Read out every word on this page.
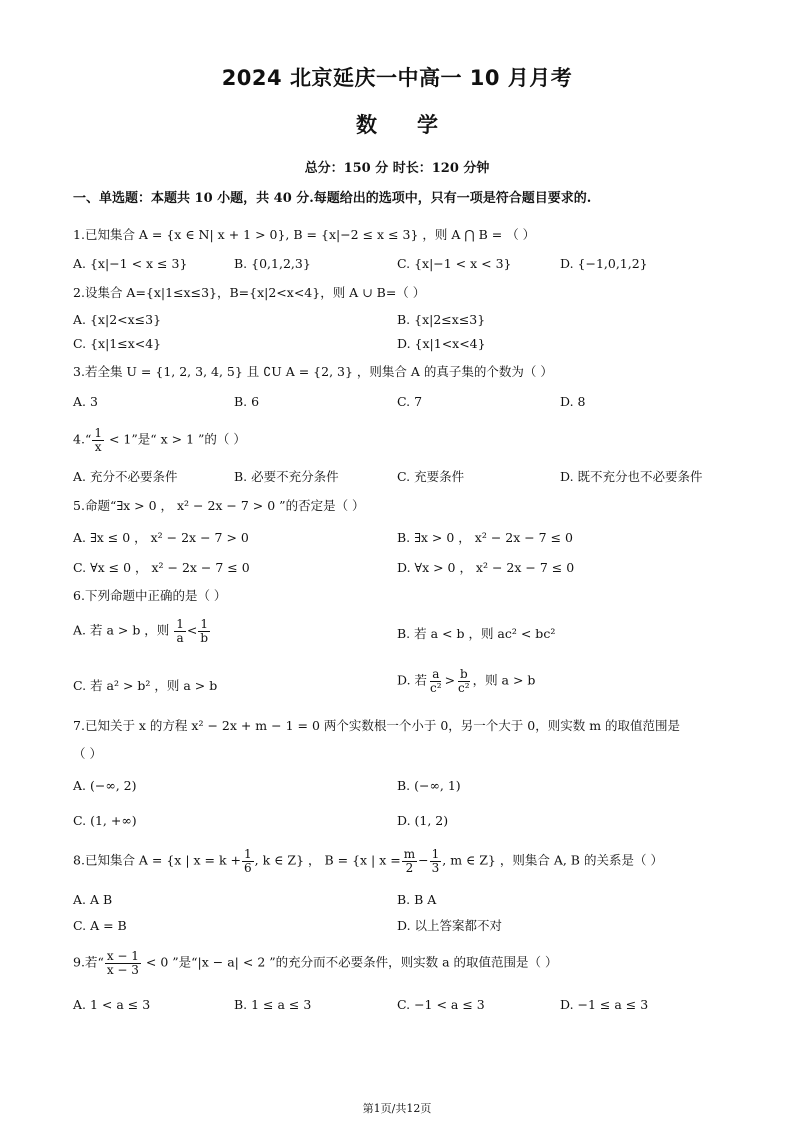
2024 北京延庆一中高一 10 月月考
数 学
总分：150 分 时长：120 分钟
一、单选题：本题共 10 小题，共 40 分.每题给出的选项中，只有一项是符合题目要求的.
1.已知集合 A = {x ∈ N| x + 1 > 0}, B = {x|−2 ≤ x ≤ 3} ，则 A ⋂ B = （ ）
A. {x|−1 < x ≤ 3}	B. {0,1,2,3}	C. {x|−1 < x < 3}	D. {−1,0,1,2}
2.设集合 A={x|1≤x≤3}，B={x|2<x<4}，则 A ∪ B=（ ）
A. {x|2<x≤3}	B. {x|2≤x≤3}
C. {x|1≤x<4}	D. {x|1<x<4}
3.若全集 U = {1, 2, 3, 4, 5} 且 ∁U A = {2, 3} ，则集合 A 的真子集的个数为（ ）
A. 3	B. 6	C. 7	D. 8
4.“ $\frac{1}{x} < 1$”是“ x > 1 ”的（ ）
A. 充分不必要条件	B. 必要不充分条件	C. 充要条件	D. 既不充分也不必要条件
5.命题“∃x > 0 ， x² − 2x − 7 > 0 ”的否定是（ ）
A. ∃x ≤ 0 ， x² − 2x − 7 > 0	B. ∃x > 0 ， x² − 2x − 7 ≤ 0
C. ∀x ≤ 0 ， x² − 2x − 7 ≤ 0	D. ∀x > 0 ， x² − 2x − 7 ≤ 0
6.下列命题中正确的是（ ）
A. 若 a > b ，则 $\frac{1}{a} < \frac{1}{b}$	B. 若 a < b ，则 ac² < bc²
C. 若 a² > b² ，则 a > b	D. 若 $\frac{a}{\text{c²}} > \frac{b}{\text{c²}}$ ，则 a > b
7.已知关于 x 的方程 x² − 2x + m − 1 = 0 两个实数根一个小于 0，另一个大于 0，则实数 m 的取值范围是
（ ）
A. (−∞, 2)	B. (−∞, 1)
C. (1, +∞)	D. (1, 2)
8.已知集合 A = {x | $x = k + \frac{1}{6}$ , k ∈ Z} ， B = {x | $x = \frac{m}{2} - \frac{1}{3}$ , m ∈ Z} ，则集合 A, B 的关系是（ ）
A. A B	B. B A
C. A = B	D. 以上答案都不对
9.若“ $\frac{x - 1}{x - 3} < 0$ ”是“|x − a| < 2 ”的充分而不必要条件，则实数 a 的取值范围是（ ）
A. 1 < a ≤ 3	B. 1 ≤ a ≤ 3	C. −1 < a ≤ 3	D. −1 ≤ a ≤ 3
第1页/共12页
